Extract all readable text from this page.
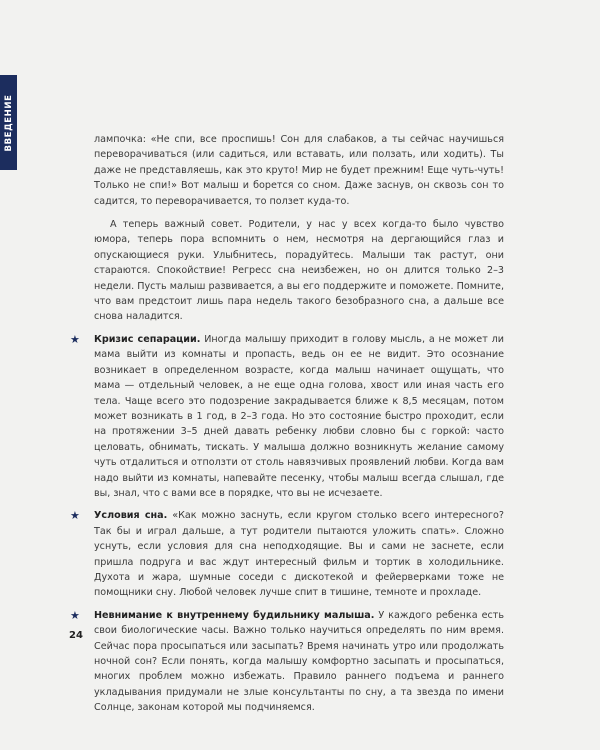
ВВЕДЕНИЕ	лампочка: «Не спи, все проспишь! Сон для слабаков, а ты сейчас научишься переворачиваться (или садиться, или вставать, или ползать, или ходить). Ты даже не представляешь, как это круто! Мир не будет прежним! Еще чуть-чуть! Только не спи!» Вот малыш и борется со сном. Даже заснув, он сквозь сон то садится, то переворачивается, то ползет куда-то.

А теперь важный совет. Родители, у нас у всех когда-то было чувство юмора, теперь пора вспомнить о нем, несмотря на дергающийся глаз и опускающиеся руки. Улыбнитесь, порадуйтесь. Малыши так растут, они стараются. Спокойствие! Регресс сна неизбежен, но он длится только 2–3 недели. Пусть малыш развивается, а вы его поддержите и поможете. Помните, что вам предстоит лишь пара недель такого безобразного сна, а дальше все снова наладится.

★ Кризис сепарации. Иногда малышу приходит в голову мысль, а не может ли мама выйти из комнаты и пропасть, ведь он ее не видит. Это осознание возникает в определенном возрасте, когда малыш начинает ощущать, что мама — отдельный человек, а не еще одна голова, хвост или иная часть его тела. Чаще всего это подозрение закрадывается ближе к 8,5 месяцам, потом может возникать в 1 год, в 2–3 года. Но это состояние быстро проходит, если на протяжении 3–5 дней давать ребенку любви словно бы с горкой: часто целовать, обнимать, тискать. У малыша должно возникнуть желание самому чуть отдалиться и отползти от столь навязчивых проявлений любви. Когда вам надо выйти из комнаты, напевайте песенку, чтобы малыш всегда слышал, где вы, знал, что с вами все в порядке, что вы не исчезаете.

★ Условия сна. «Как можно заснуть, если кругом столько всего интересного? Так бы и играл дальше, а тут родители пытаются уложить спать». Сложно уснуть, если условия для сна неподходящие. Вы и сами не заснете, если пришла подруга и вас ждут интересный фильм и тортик в холодильнике. Духота и жара, шумные соседи с дискотекой и фейерверками тоже не помощники сну. Любой человек лучше спит в тишине, темноте и прохладе.

★ Невнимание к внутреннему будильнику малыша. У каждого ребенка есть свои биологические часы. Важно только научиться определять по ним время. Сейчас пора просыпаться или засыпать? Время начинать утро или продолжать ночной сон? Если понять, когда малышу комфортно засыпать и просыпаться, многих проблем можно избежать. Правило раннего подъема и раннего укладывания придумали не злые консультанты по сну, а та звезда по имени Солнце, законам которой мы подчиняемся.

24
